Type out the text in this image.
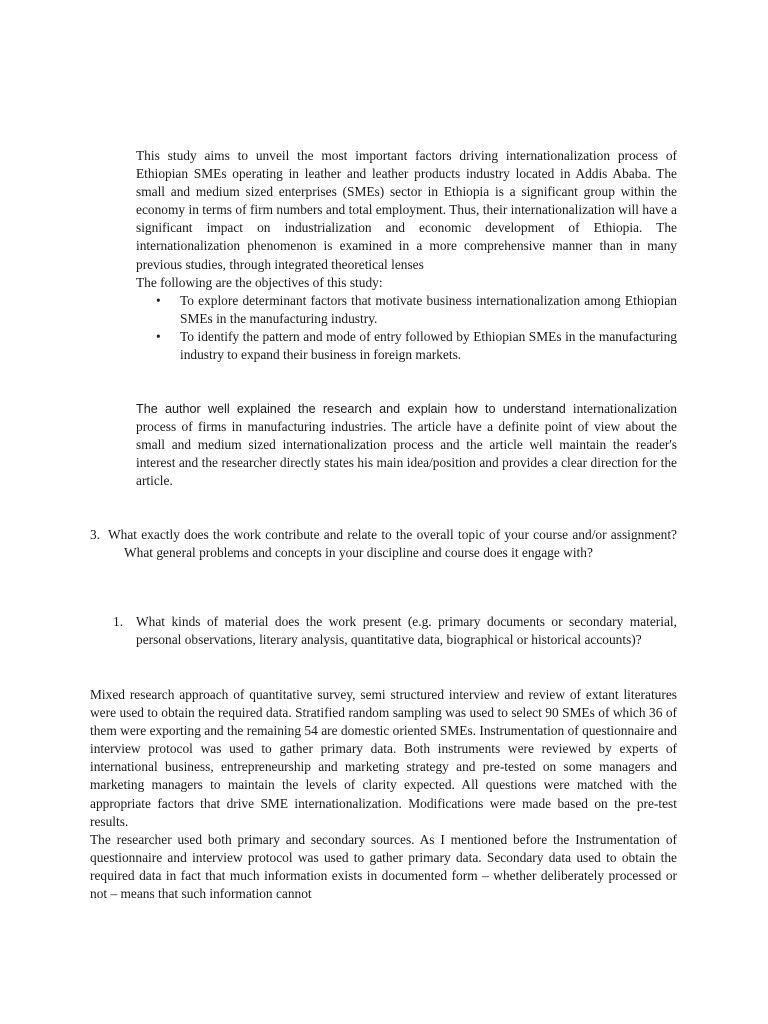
This study aims to unveil the most important factors driving internationalization process of Ethiopian SMEs operating in leather and leather products industry located in Addis Ababa. The small and medium sized enterprises (SMEs) sector in Ethiopia is a significant group within the economy in terms of firm numbers and total employment. Thus, their internationalization will have a significant impact on industrialization and economic development of Ethiopia. The internationalization phenomenon is examined in a more comprehensive manner than in many previous studies, through integrated theoretical lenses

The following are the objectives of this study:

• To explore determinant factors that motivate business internationalization among Ethiopian SMEs in the manufacturing industry.
• To identify the pattern and mode of entry followed by Ethiopian SMEs in the manufacturing industry to expand their business in foreign markets.

The author well explained the research and explain how to understand internationalization process of firms in manufacturing industries. The article have a definite point of view about the small and medium sized internationalization process and the article well maintain the reader's interest and the researcher directly states his main idea/position and provides a clear direction for the article.

3. What exactly does the work contribute and relate to the overall topic of your course and/or assignment? What general problems and concepts in your discipline and course does it engage with?

1. What kinds of material does the work present (e.g. primary documents or secondary material, personal observations, literary analysis, quantitative data, biographical or historical accounts)?

Mixed research approach of quantitative survey, semi structured interview and review of extant literatures were used to obtain the required data. Stratified random sampling was used to select 90 SMEs of which 36 of them were exporting and the remaining 54 are domestic oriented SMEs. Instrumentation of questionnaire and interview protocol was used to gather primary data. Both instruments were reviewed by experts of international business, entrepreneurship and marketing strategy and pre-tested on some managers and marketing managers to maintain the levels of clarity expected. All questions were matched with the appropriate factors that drive SME internationalization. Modifications were made based on the pre-test results.

The researcher used both primary and secondary sources. As I mentioned before the Instrumentation of questionnaire and interview protocol was used to gather primary data. Secondary data used to obtain the required data in fact that much information exists in documented form – whether deliberately processed or not – means that such information cannot
